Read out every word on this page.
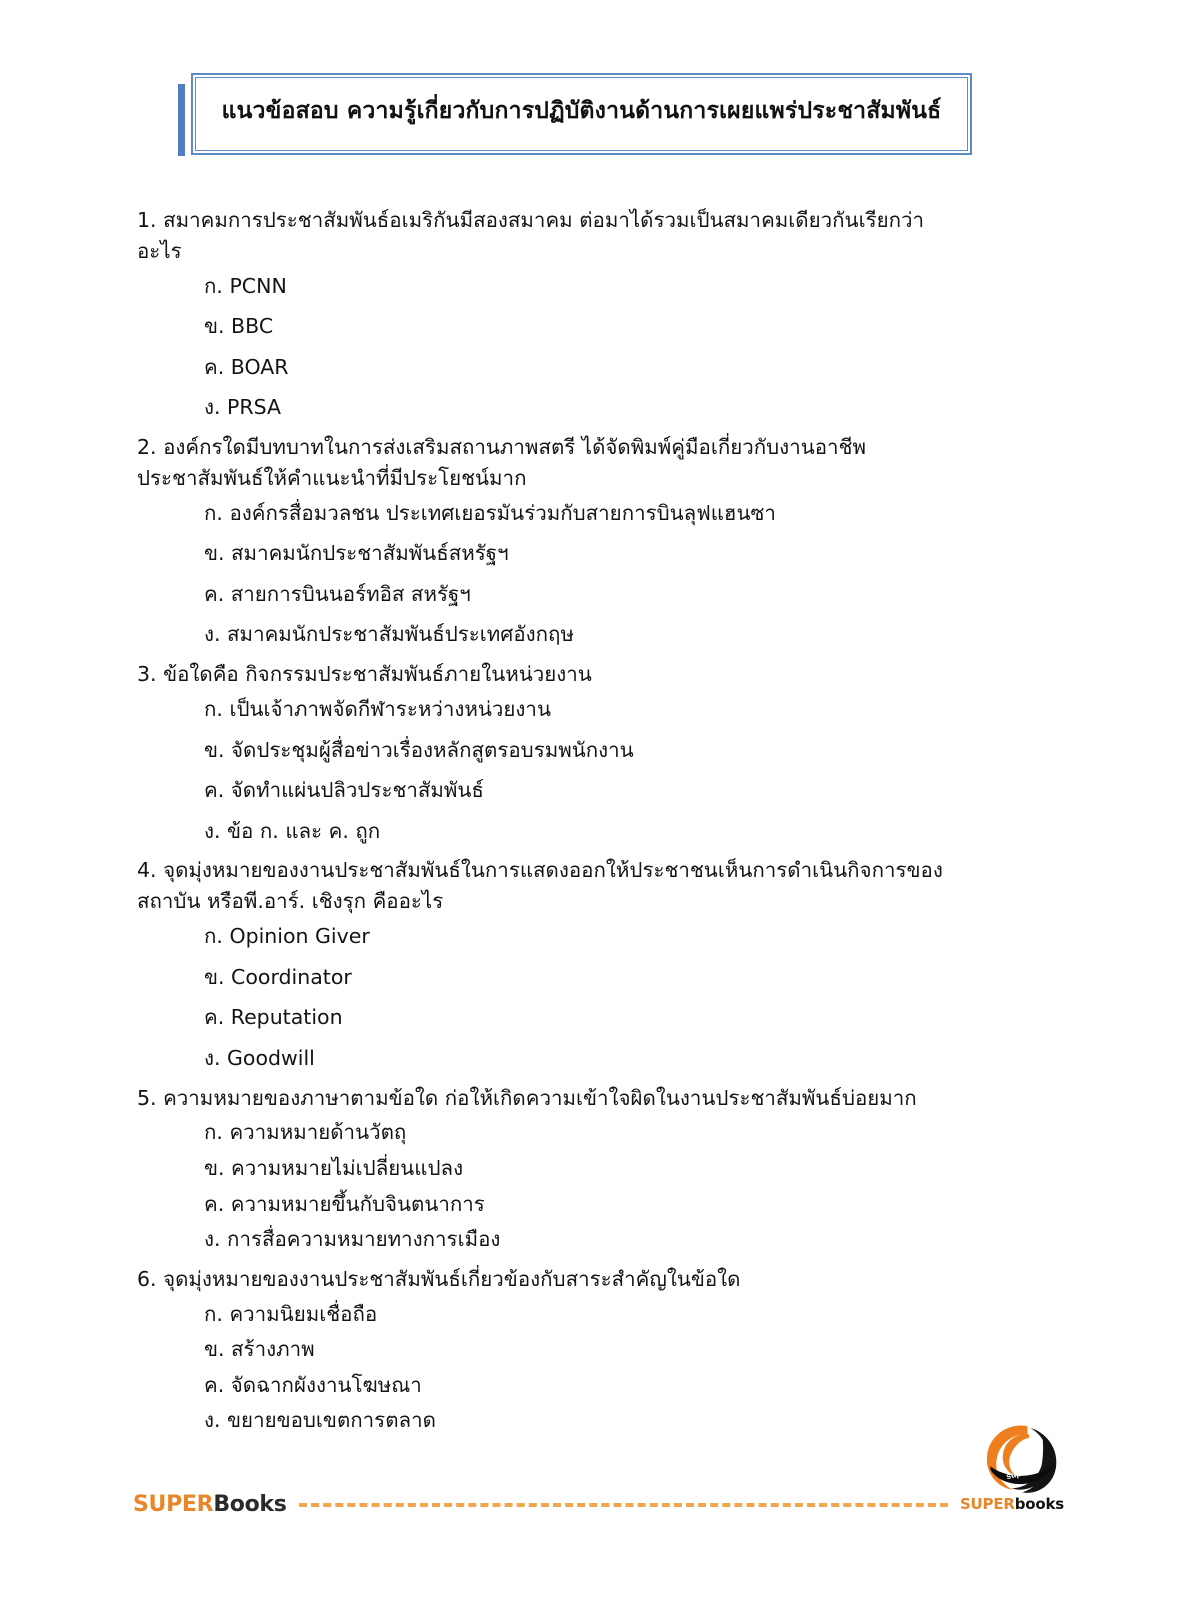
แนวข้อสอบ ความรู้เกี่ยวกับการปฏิบัติงานด้านการเผยแพร่ประชาสัมพันธ์

1. สมาคมการประชาสัมพันธ์อเมริกันมีสองสมาคม ต่อมาได้รวมเป็นสมาคมเดียวกันเรียกว่าอะไร

ก. PCNN
ข. BBC
ค. BOAR
ง. PRSA

2. องค์กรใดมีบทบาทในการส่งเสริมสถานภาพสตรี ได้จัดพิมพ์คู่มือเกี่ยวกับงานอาชีพประชาสัมพันธ์ให้คำแนะนำที่มีประโยชน์มาก

ก. องค์กรสื่อมวลชน ประเทศเยอรมันร่วมกับสายการบินลุฟแฮนซา
ข. สมาคมนักประชาสัมพันธ์สหรัฐฯ
ค. สายการบินนอร์ทอิส สหรัฐฯ
ง. สมาคมนักประชาสัมพันธ์ประเทศอังกฤษ

3. ข้อใดคือ กิจกรรมประชาสัมพันธ์ภายในหน่วยงาน

ก. เป็นเจ้าภาพจัดกีฬาระหว่างหน่วยงาน
ข. จัดประชุมผู้สื่อข่าวเรื่องหลักสูตรอบรมพนักงาน
ค. จัดทำแผ่นปลิวประชาสัมพันธ์
ง. ข้อ ก. และ ค. ถูก

4. จุดมุ่งหมายของงานประชาสัมพันธ์ในการแสดงออกให้ประชาชนเห็นการดำเนินกิจการของสถาบัน หรือพี.อาร์. เชิงรุก คืออะไร

ก. Opinion Giver
ข. Coordinator
ค. Reputation
ง. Goodwill

5. ความหมายของภาษาตามข้อใด ก่อให้เกิดความเข้าใจผิดในงานประชาสัมพันธ์บ่อยมาก

ก. ความหมายด้านวัตถุ
ข. ความหมายไม่เปลี่ยนแปลง
ค. ความหมายขึ้นกับจินตนาการ
ง. การสื่อความหมายทางการเมือง

6. จุดมุ่งหมายของงานประชาสัมพันธ์เกี่ยวข้องกับสาระสำคัญในข้อใด

ก. ความนิยมเชื่อถือ
ข. สร้างภาพ
ค. จัดฉากผังงานโฆษณา
ง. ขยายขอบเขตการตลาด
super
SUPERBooks	SUPERbooks
